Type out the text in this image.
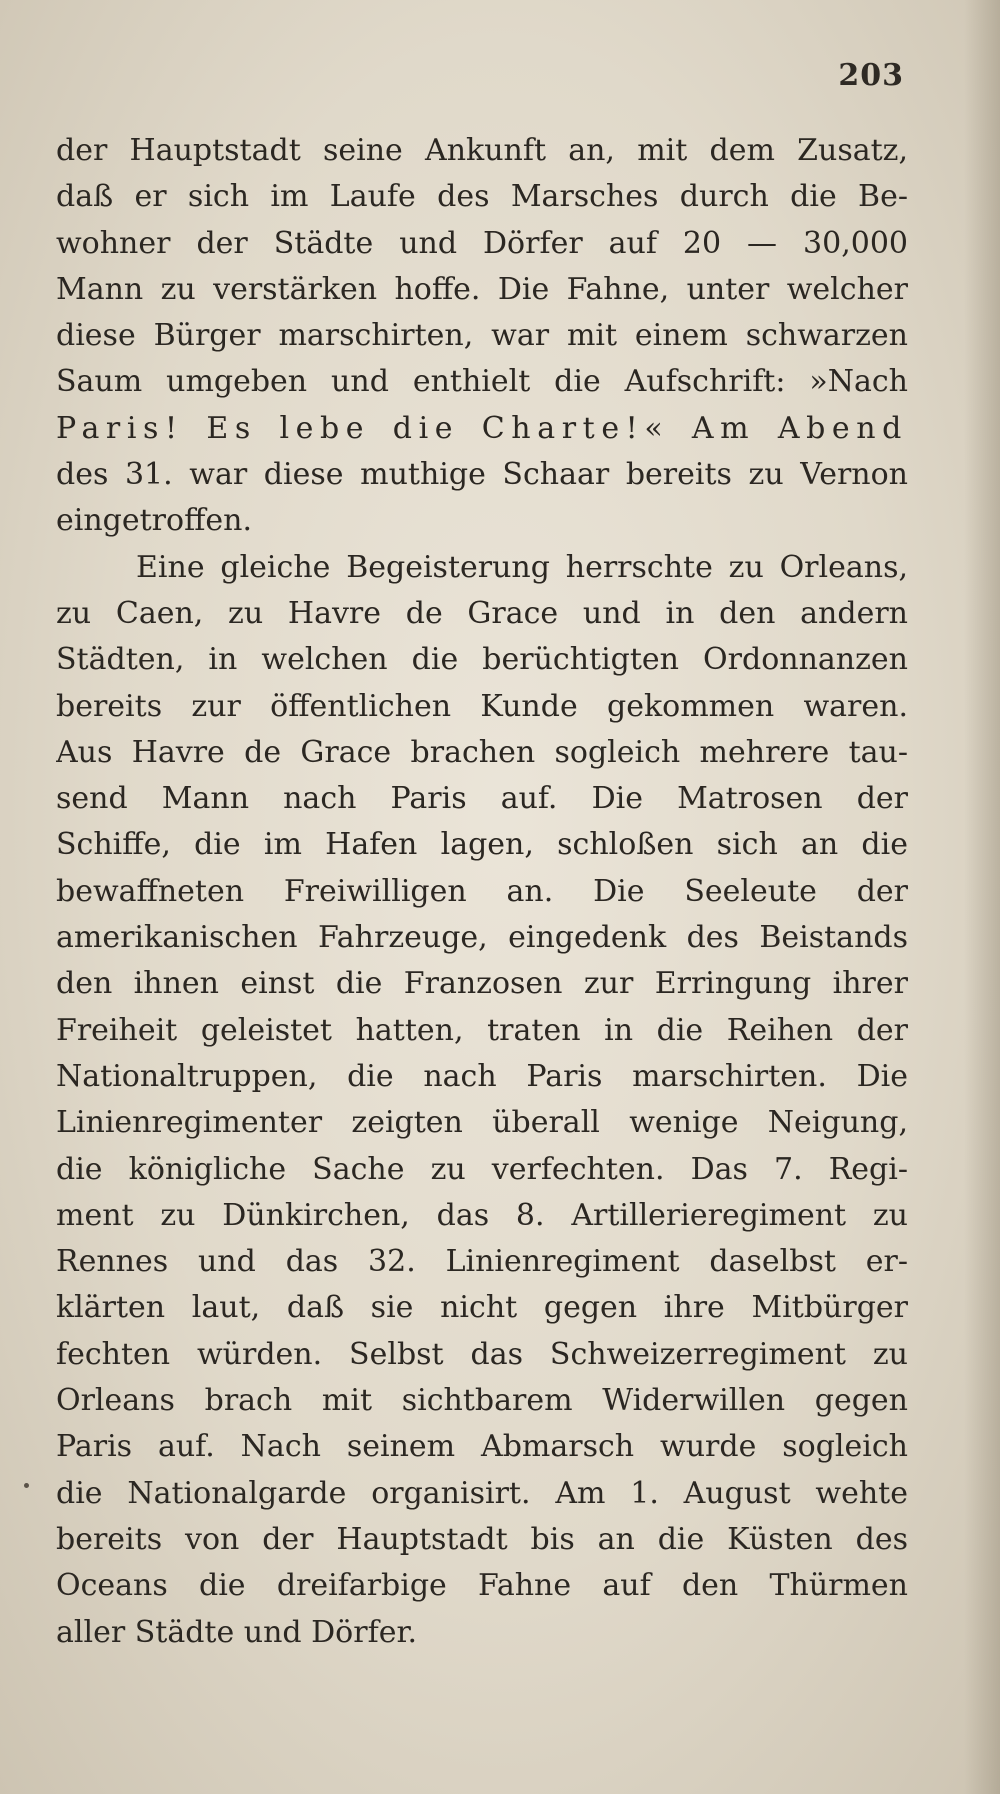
203
der Hauptstadt seine Ankunft an, mit dem Zusatz,
daß er sich im Laufe des Marsches durch die Be-
wohner der Städte und Dörfer auf 20 — 30,000
Mann zu verstärken hoffe. Die Fahne, unter welcher
diese Bürger marschirten, war mit einem schwarzen
Saum umgeben und enthielt die Aufschrift: »Nach
Paris! Es lebe die Charte!« Am Abend
des 31. war diese muthige Schaar bereits zu Vernon
eingetroffen.
Eine gleiche Begeisterung herrschte zu Orleans,
zu Caen, zu Havre de Grace und in den andern
Städten, in welchen die berüchtigten Ordonnanzen
bereits zur öffentlichen Kunde gekommen waren.
Aus Havre de Grace brachen sogleich mehrere tau-
send Mann nach Paris auf. Die Matrosen der
Schiffe, die im Hafen lagen, schloßen sich an die
bewaffneten Freiwilligen an. Die Seeleute der
amerikanischen Fahrzeuge, eingedenk des Beistands
den ihnen einst die Franzosen zur Erringung ihrer
Freiheit geleistet hatten, traten in die Reihen der
Nationaltruppen, die nach Paris marschirten. Die
Linienregimenter zeigten überall wenige Neigung,
die königliche Sache zu verfechten. Das 7. Regi-
ment zu Dünkirchen, das 8. Artillerieregiment zu
Rennes und das 32. Linienregiment daselbst er-
klärten laut, daß sie nicht gegen ihre Mitbürger
fechten würden. Selbst das Schweizerregiment zu
Orleans brach mit sichtbarem Widerwillen gegen
Paris auf. Nach seinem Abmarsch wurde sogleich
die Nationalgarde organisirt. Am 1. August wehte
bereits von der Hauptstadt bis an die Küsten des
Oceans die dreifarbige Fahne auf den Thürmen
aller Städte und Dörfer.
